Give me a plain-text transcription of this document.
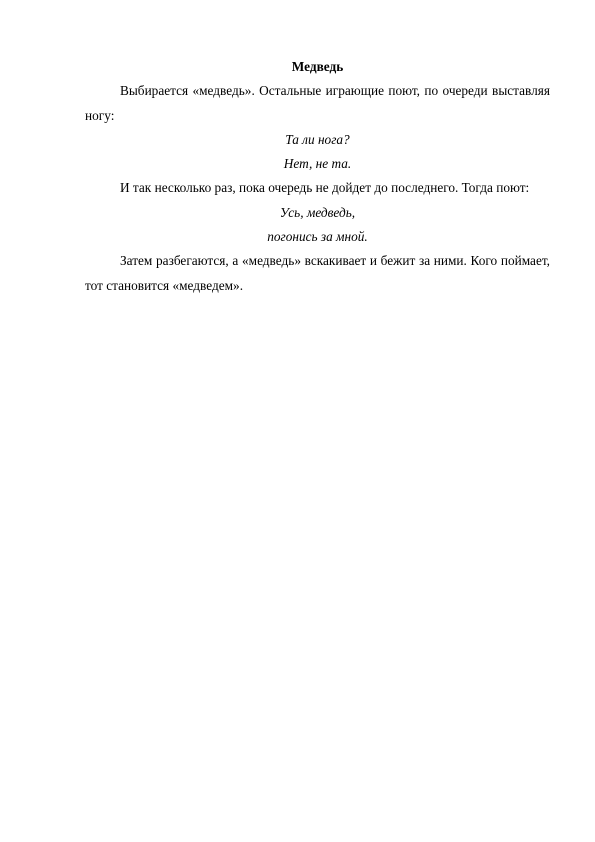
Медведь

Выбирается «медведь». Остальные играющие поют, по очереди выставляя ногу:

Та ли нога?

Нет, не та.

И так несколько раз, пока очередь не дойдет до последнего. Тогда поют:

Усь, медведь,

погонись за мной.

Затем разбегаются, а «медведь» вскакивает и бежит за ними. Кого поймает, тот становится «медведем».
